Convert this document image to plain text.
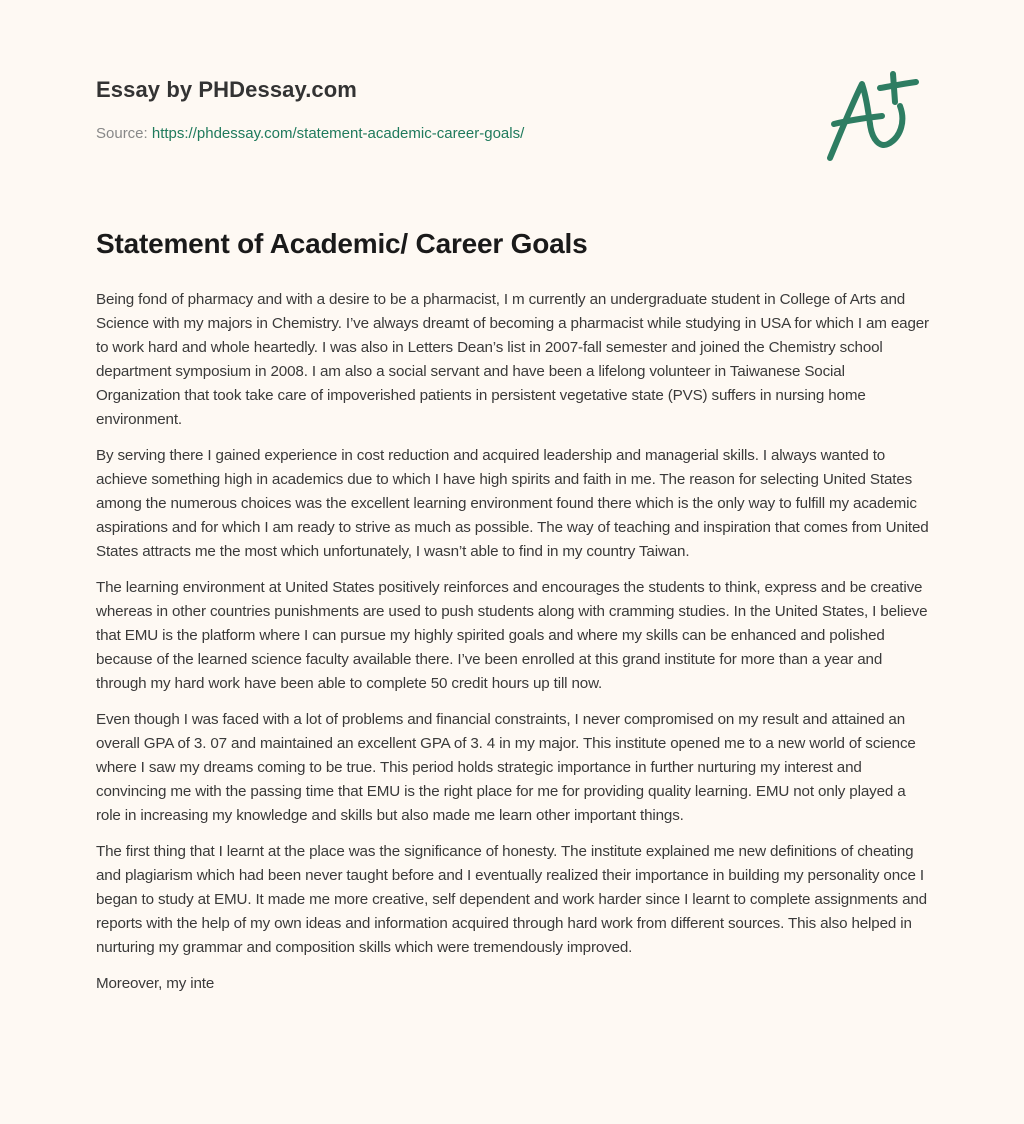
Essay by PHDessay.com
Source: https://phdessay.com/statement-academic-career-goals/
Statement of Academic/ Career Goals

Being fond of pharmacy and with a desire to be a pharmacist, I m currently an undergraduate student in College of Arts and Science with my majors in Chemistry. I’ve always dreamt of becoming a pharmacist while studying in USA for which I am eager to work hard and whole heartedly. I was also in Letters Dean’s list in 2007-fall semester and joined the Chemistry school department symposium in 2008. I am also a social servant and have been a lifelong volunteer in Taiwanese Social Organization that took take care of impoverished patients in persistent vegetative state (PVS) suffers in nursing home environment.

By serving there I gained experience in cost reduction and acquired leadership and managerial skills. I always wanted to achieve something high in academics due to which I have high spirits and faith in me. The reason for selecting United States among the numerous choices was the excellent learning environment found there which is the only way to fulfill my academic aspirations and for which I am ready to strive as much as possible. The way of teaching and inspiration that comes from United States attracts me the most which unfortunately, I wasn’t able to find in my country Taiwan.

The learning environment at United States positively reinforces and encourages the students to think, express and be creative whereas in other countries punishments are used to push students along with cramming studies. In the United States, I believe that EMU is the platform where I can pursue my highly spirited goals and where my skills can be enhanced and polished because of the learned science faculty available there. I’ve been enrolled at this grand institute for more than a year and through my hard work have been able to complete 50 credit hours up till now.

Even though I was faced with a lot of problems and financial constraints, I never compromised on my result and attained an overall GPA of 3. 07 and maintained an excellent GPA of 3. 4 in my major. This institute opened me to a new world of science where I saw my dreams coming to be true. This period holds strategic importance in further nurturing my interest and convincing me with the passing time that EMU is the right place for me for providing quality learning. EMU not only played a role in increasing my knowledge and skills but also made me learn other important things.

The first thing that I learnt at the place was the significance of honesty. The institute explained me new definitions of cheating and plagiarism which had been never taught before and I eventually realized their importance in building my personality once I began to study at EMU. It made me more creative, self dependent and work harder since I learnt to complete assignments and reports with the help of my own ideas and information acquired through hard work from different sources. This also helped in nurturing my grammar and composition skills which were tremendously improved.

Moreover, my inte
